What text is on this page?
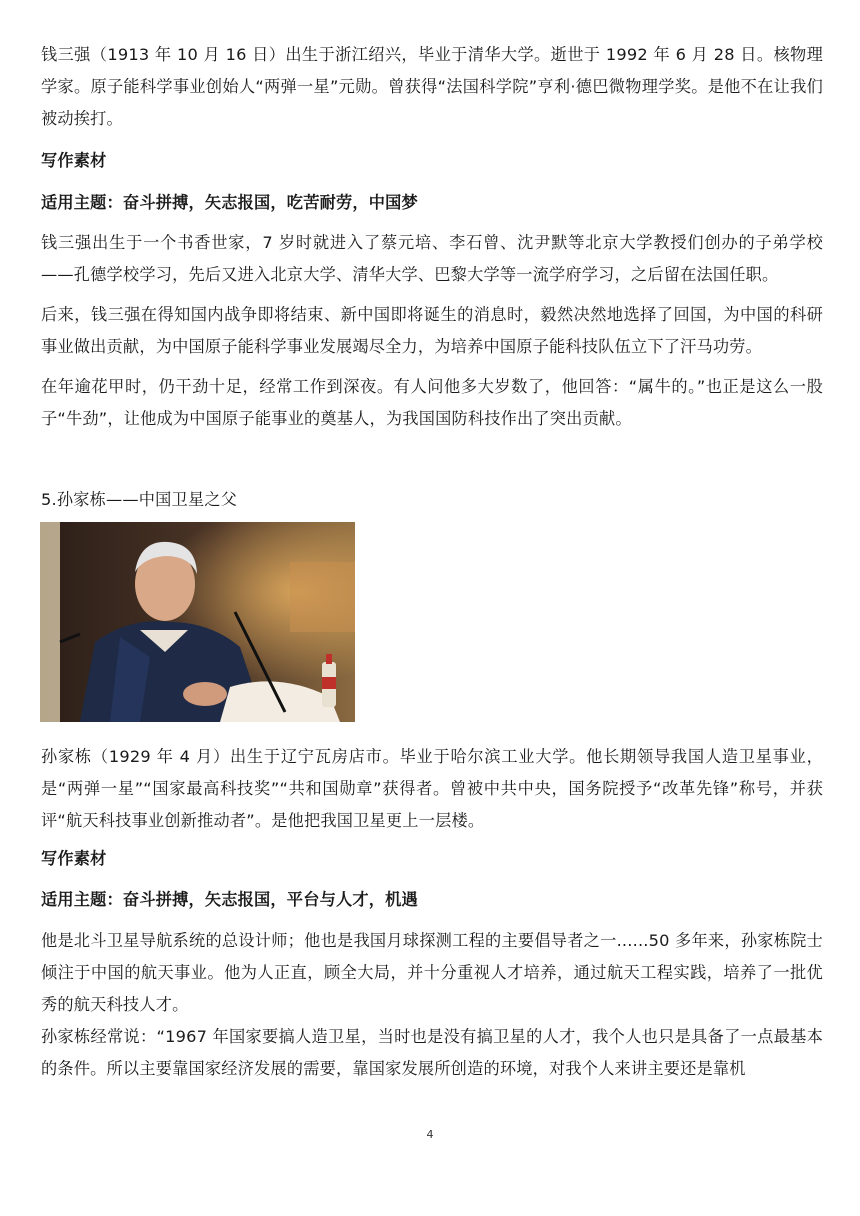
钱三强（1913 年 10 月 16 日）出生于浙江绍兴，毕业于清华大学。逝世于 1992 年 6 月 28 日。核物理学家。原子能科学事业创始人“两弹一星”元勋。曾获得“法国科学院”亨利·德巴微物理学奖。是他不在让我们被动挨打。

写作素材

适用主题：奋斗拼搏，矢志报国，吃苦耐劳，中国梦

钱三强出生于一个书香世家，7 岁时就进入了蔡元培、李石曾、沈尹默等北京大学教授们创办的子弟学校——孔德学校学习，先后又进入北京大学、清华大学、巴黎大学等一流学府学习，之后留在法国任职。

后来，钱三强在得知国内战争即将结束、新中国即将诞生的消息时，毅然决然地选择了回国，为中国的科研事业做出贡献，为中国原子能科学事业发展竭尽全力，为培养中国原子能科技队伍立下了汗马功劳。

在年逾花甲时，仍干劲十足，经常工作到深夜。有人问他多大岁数了，他回答：“属牛的。”也正是这么一股子“牛劲”，让他成为中国原子能事业的奠基人，为我国国防科技作出了突出贡献。

5.孙家栋——中国卫星之父

孙家栋（1929 年 4 月）出生于辽宁瓦房店市。毕业于哈尔滨工业大学。他长期领导我国人造卫星事业，是“两弹一星”“国家最高科技奖”“共和国勋章”获得者。曾被中共中央，国务院授予“改革先锋”称号，并获评“航天科技事业创新推动者”。是他把我国卫星更上一层楼。

写作素材

适用主题：奋斗拼搏，矢志报国，平台与人才，机遇

他是北斗卫星导航系统的总设计师；他也是我国月球探测工程的主要倡导者之一......50 多年来，孙家栋院士倾注于中国的航天事业。他为人正直，顾全大局，并十分重视人才培养，通过航天工程实践，培养了一批优秀的航天科技人才。

孙家栋经常说：“1967 年国家要搞人造卫星，当时也是没有搞卫星的人才，我个人也只是具备了一点最基本的条件。所以主要靠国家经济发展的需要，靠国家发展所创造的环境，对我个人来讲主要还是靠机

4
